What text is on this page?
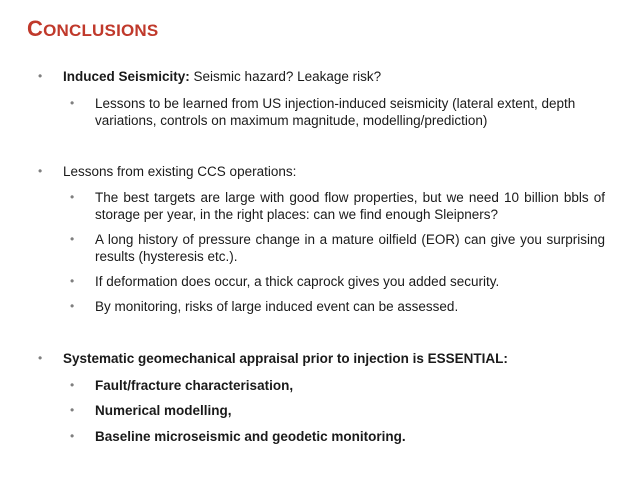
CONCLUSIONS
• Induced Seismicity: Seismic hazard? Leakage risk?
• Lessons to be learned from US injection-induced seismicity (lateral extent, depth variations, controls on maximum magnitude, modelling/prediction)
• Lessons from existing CCS operations:
• The best targets are large with good flow properties, but we need 10 billion bbls of storage per year, in the right places: can we find enough Sleipners?
• A long history of pressure change in a mature oilfield (EOR) can give you surprising results (hysteresis etc.).
• If deformation does occur, a thick caprock gives you added security.
• By monitoring, risks of large induced event can be assessed.
• Systematic geomechanical appraisal prior to injection is ESSENTIAL:
• Fault/fracture characterisation,
• Numerical modelling,
• Baseline microseismic and geodetic monitoring.
